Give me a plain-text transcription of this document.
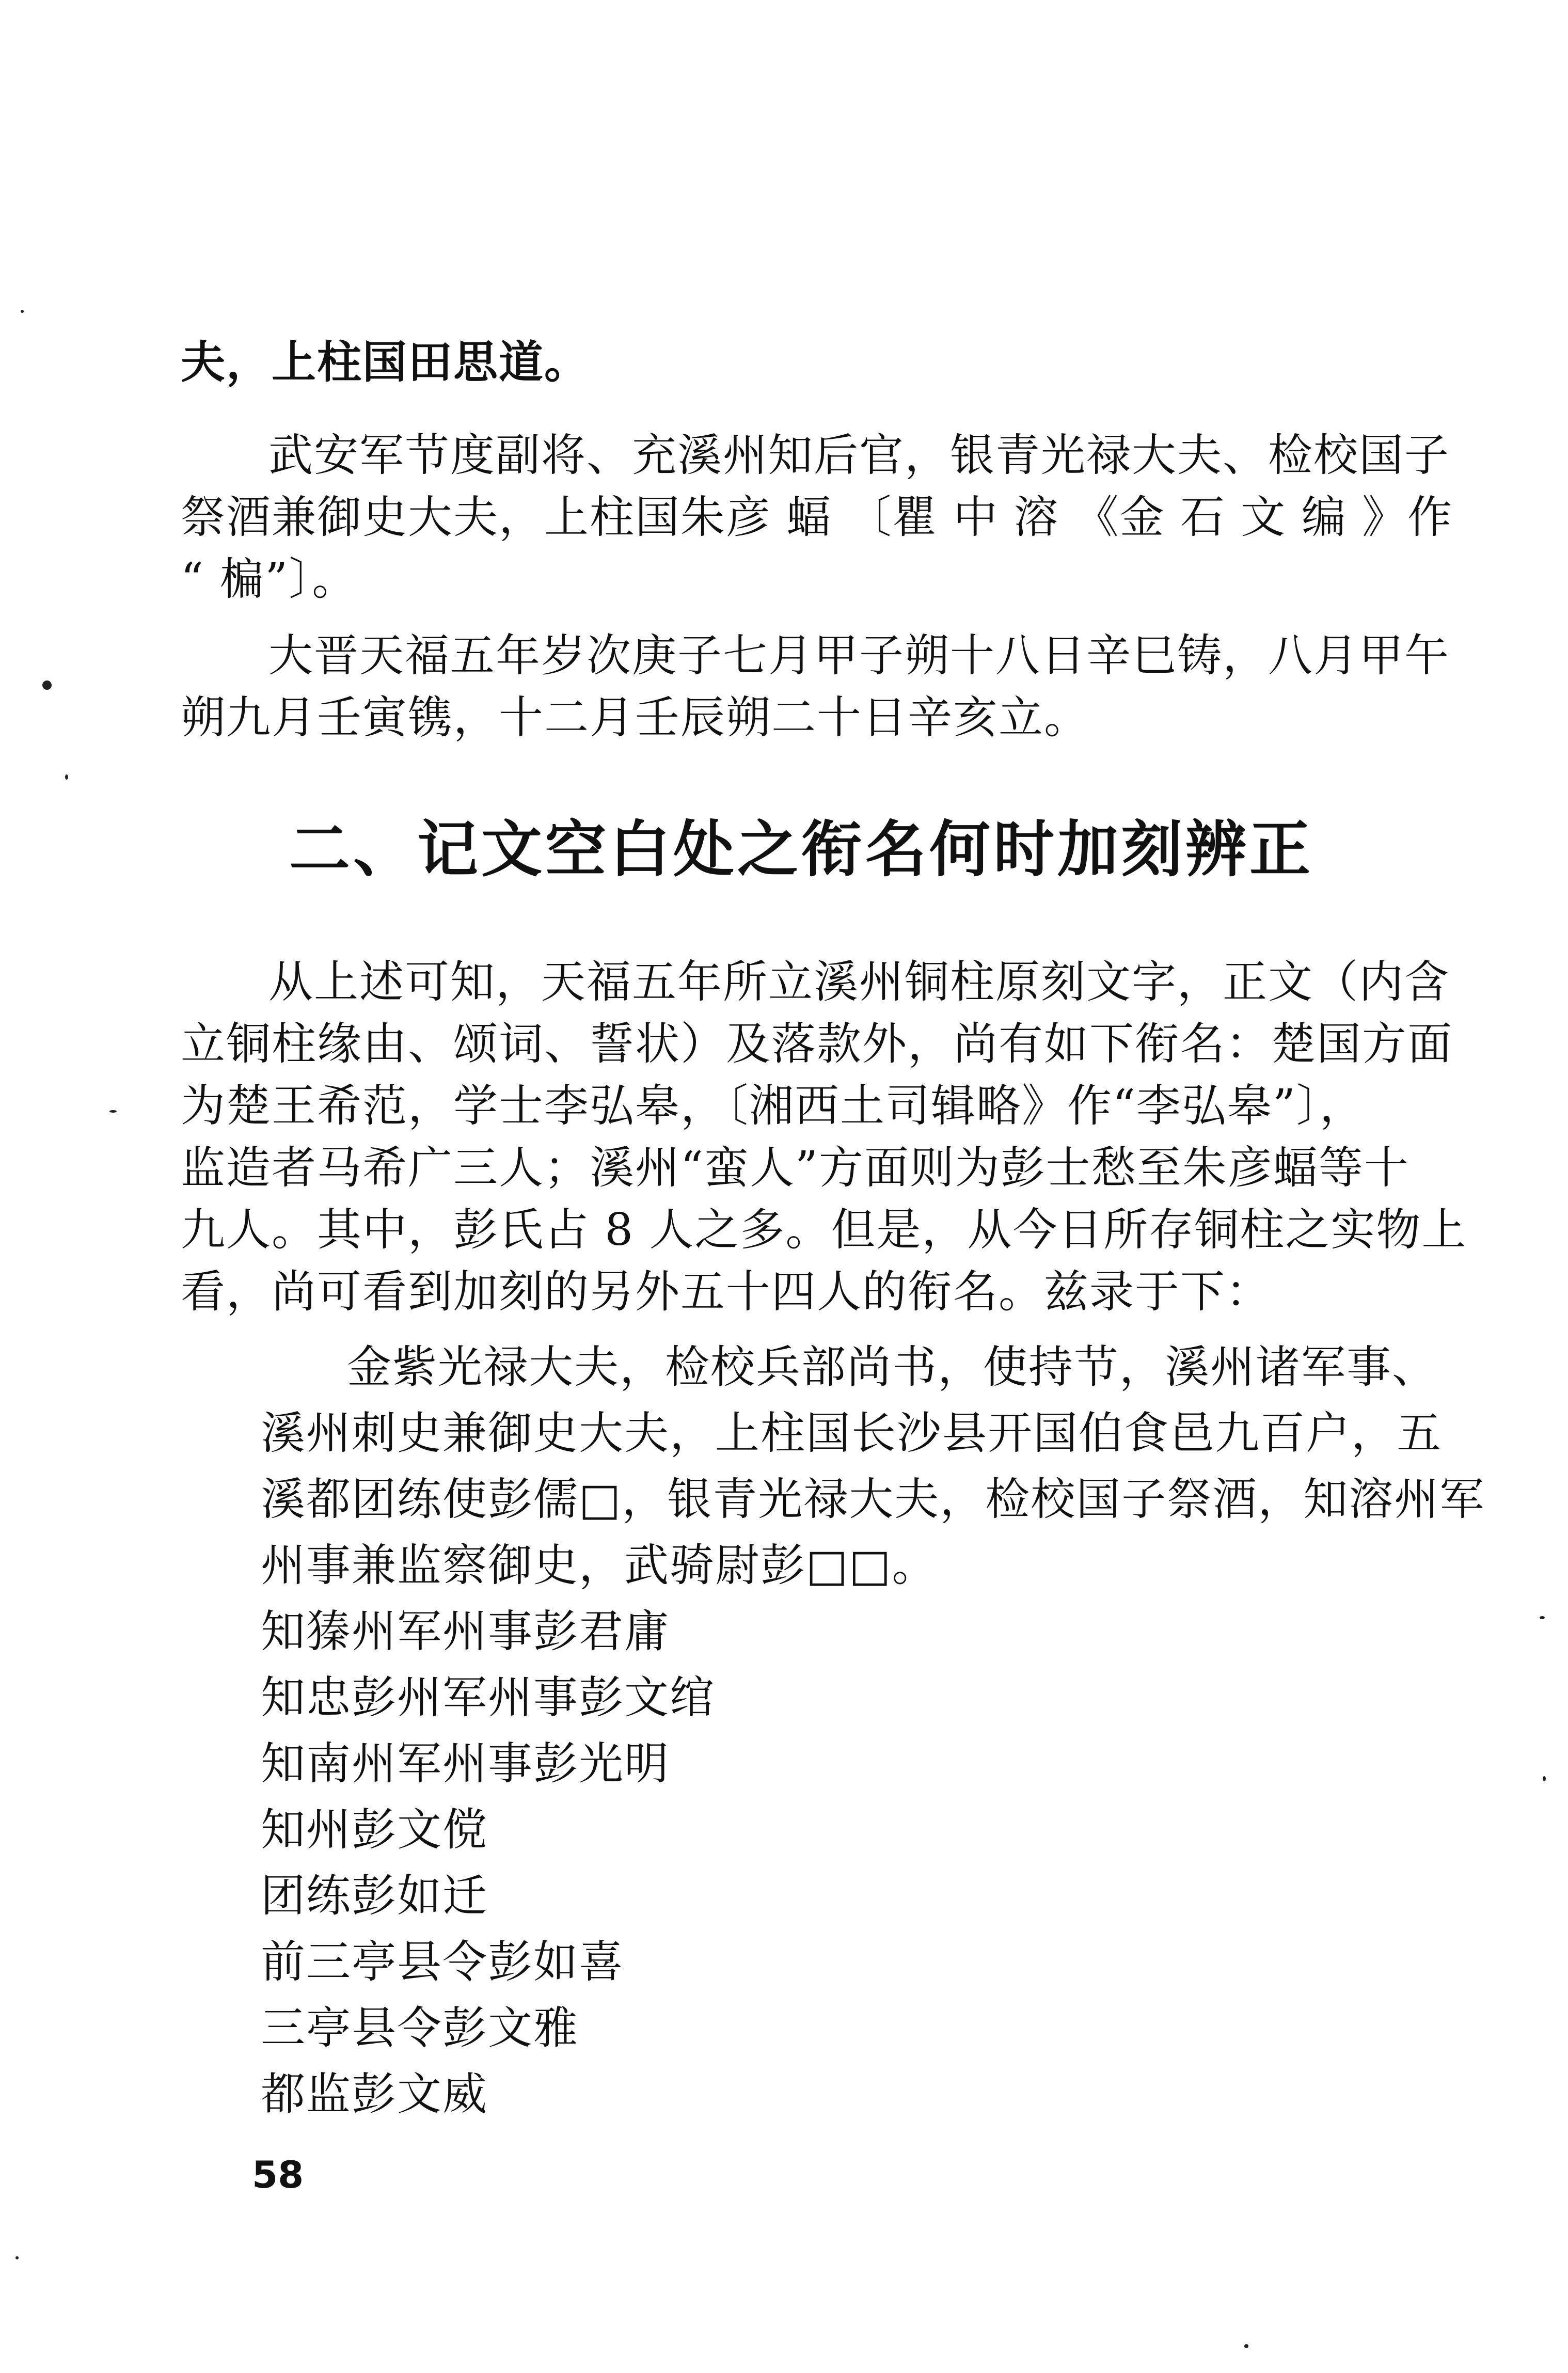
夫，上柱国田思道。
武安军节度副将、充溪州知后官，银青光禄大夫、检校国子
祭酒兼御史大夫，上柱国朱彦 蝠 〔瞿 中 溶 《金 石 文 编 》作
“ 楄”〕。
大晋天福五年岁次庚子七月甲子朔十八日辛巳铸，八月甲午
朔九月壬寅镌，十二月壬辰朔二十日辛亥立。
二、记文空白处之衔名何时加刻辨正
从上述可知，天福五年所立溪州铜柱原刻文字，正文（内含
立铜柱缘由、颂词、誓状）及落款外，尚有如下衔名：楚国方面
为楚王希范，学士李弘皋，〔湘西土司辑略》作“李弘皋”〕，
监造者马希广三人；溪州“蛮人”方面则为彭士愁至朱彦蝠等十
九人。其中，彭氏占 8 人之多。但是，从今日所存铜柱之实物上
看，尚可看到加刻的另外五十四人的衔名。兹录于下：
金紫光禄大夫，检校兵部尚书，使持节，溪州诸军事、
溪州刺史兼御史大夫，上柱国长沙县开国伯食邑九百户，五
溪都团练使彭儒□，银青光禄大夫，检校国子祭酒，知溶州军
州事兼监察御史，武骑尉彭□□。
知獉州军州事彭君庸
知忠彭州军州事彭文绾
知南州军州事彭光明
知州彭文傥
团练彭如迁
前三亭县令彭如喜
三亭县令彭文雅
都监彭文威
58
